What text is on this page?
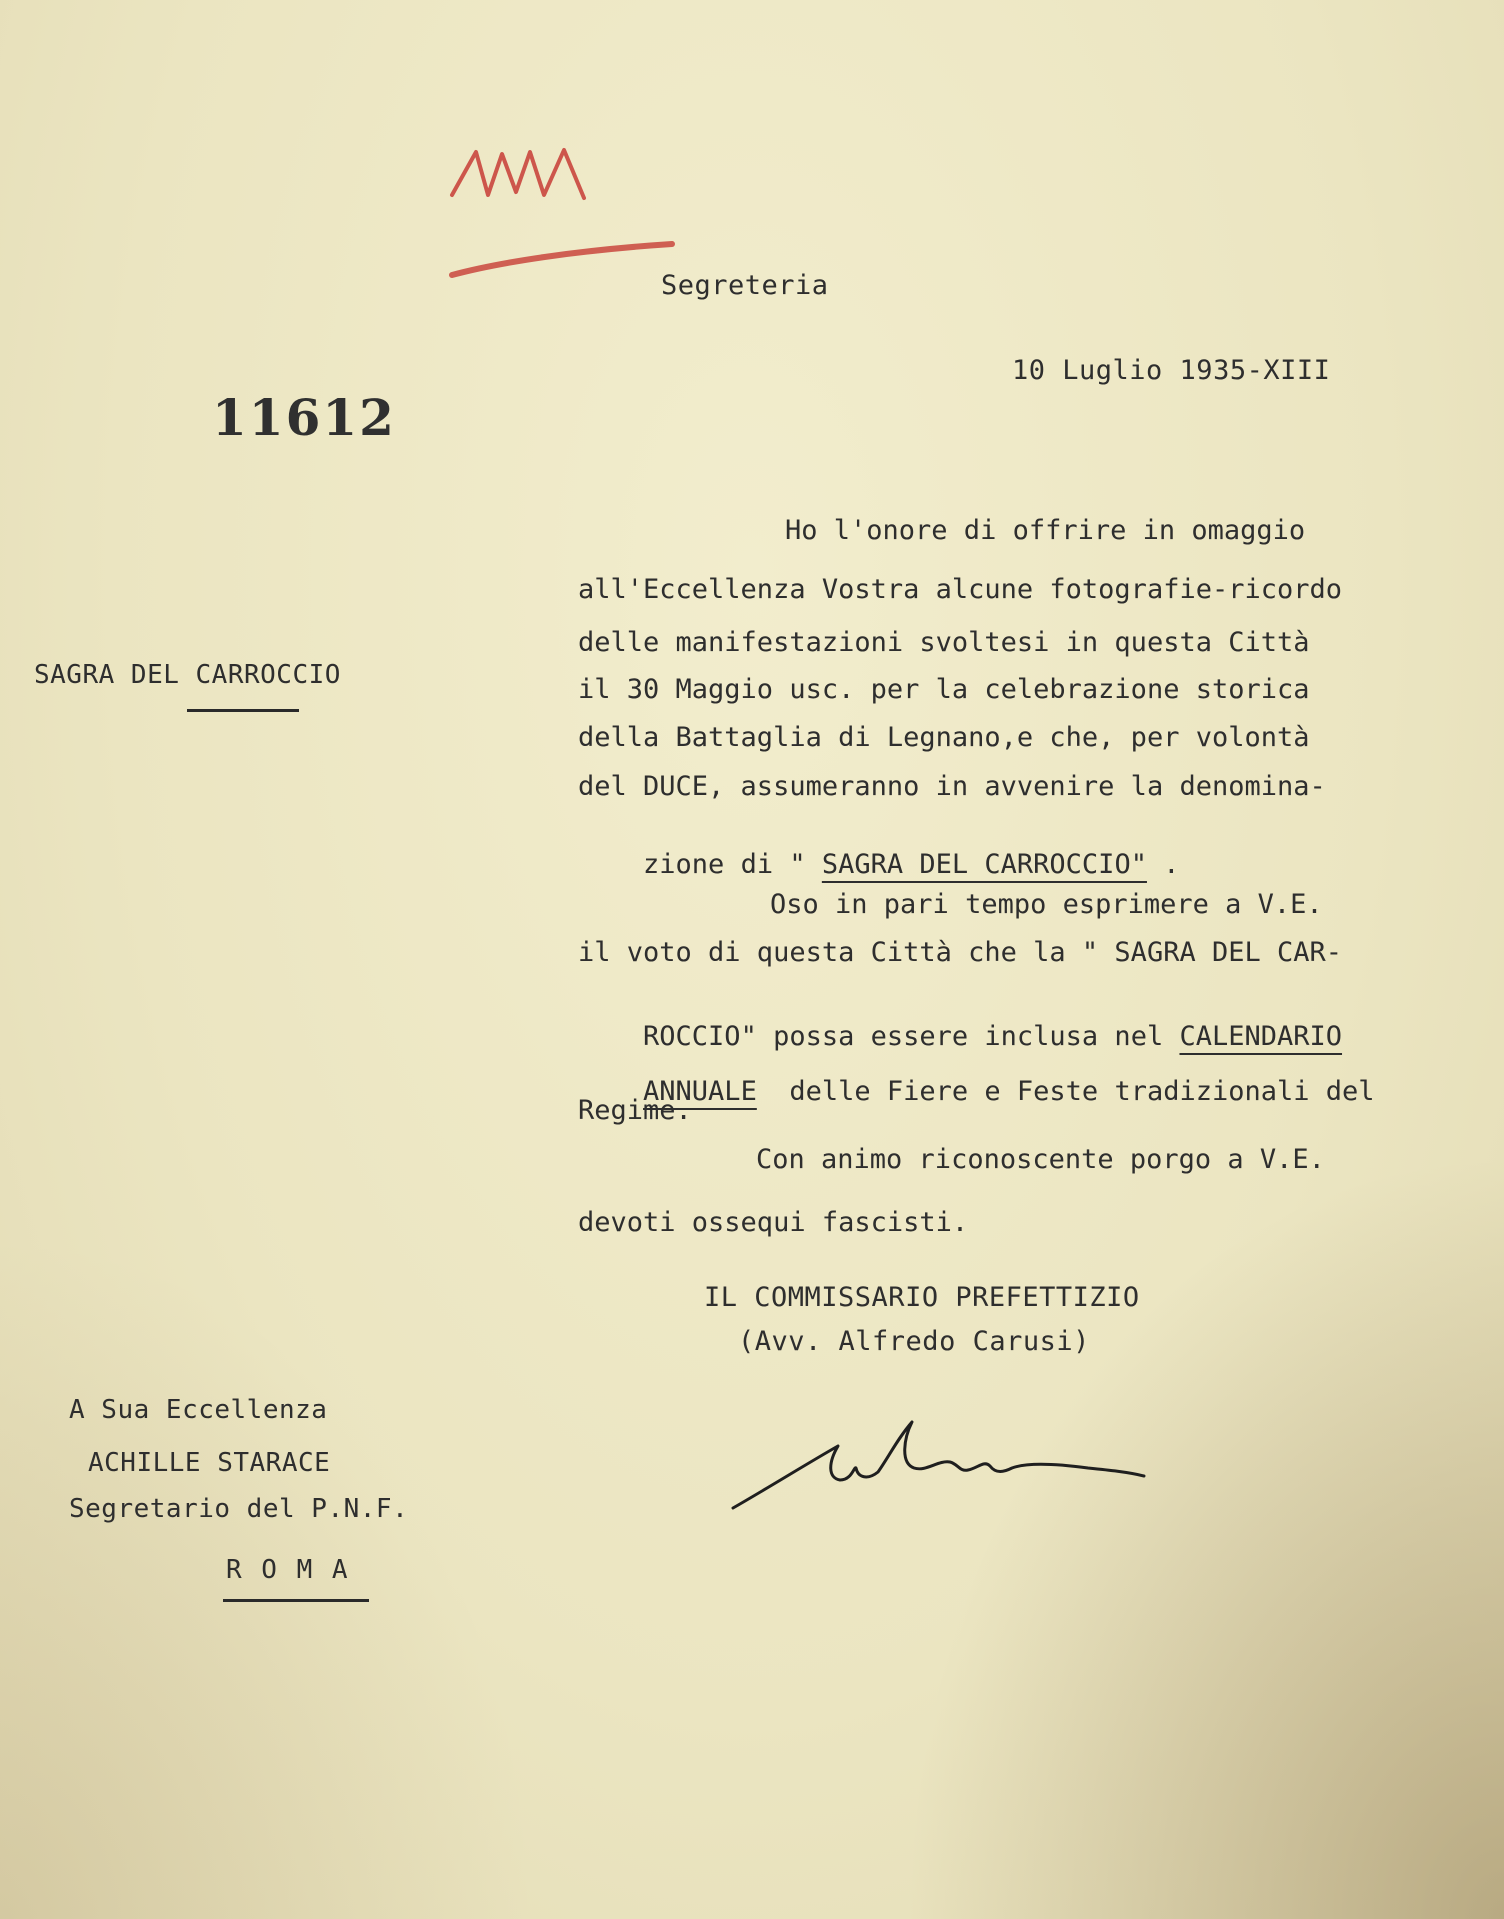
Segreteria
10 Luglio 1935-XIII
11612
SAGRA DEL CARROCCIO
Ho l'onore di offrire in omaggio
all'Eccellenza Vostra alcune fotografie-ricordo
delle manifestazioni svoltesi in questa Città
il 30 Maggio usc. per la celebrazione storica
della Battaglia di Legnano,e che, per volontà
del DUCE, assumeranno in avvenire la denomina-

zione di " SAGRA DEL CARROCCIO" .

Oso in pari tempo esprimere a V.E.
il voto di questa Città che la " SAGRA DEL CAR-

ROCCIO" possa essere inclusa nel CALENDARIO

ANNUALE  delle Fiere e Feste tradizionali del

Regime.
Con animo riconoscente porgo a V.E.
devoti ossequi fascisti.
IL COMMISSARIO PREFETTIZIO
(Avv. Alfredo Carusi)
A Sua Eccellenza
ACHILLE STARACE
Segretario del P.N.F.
R O M A
